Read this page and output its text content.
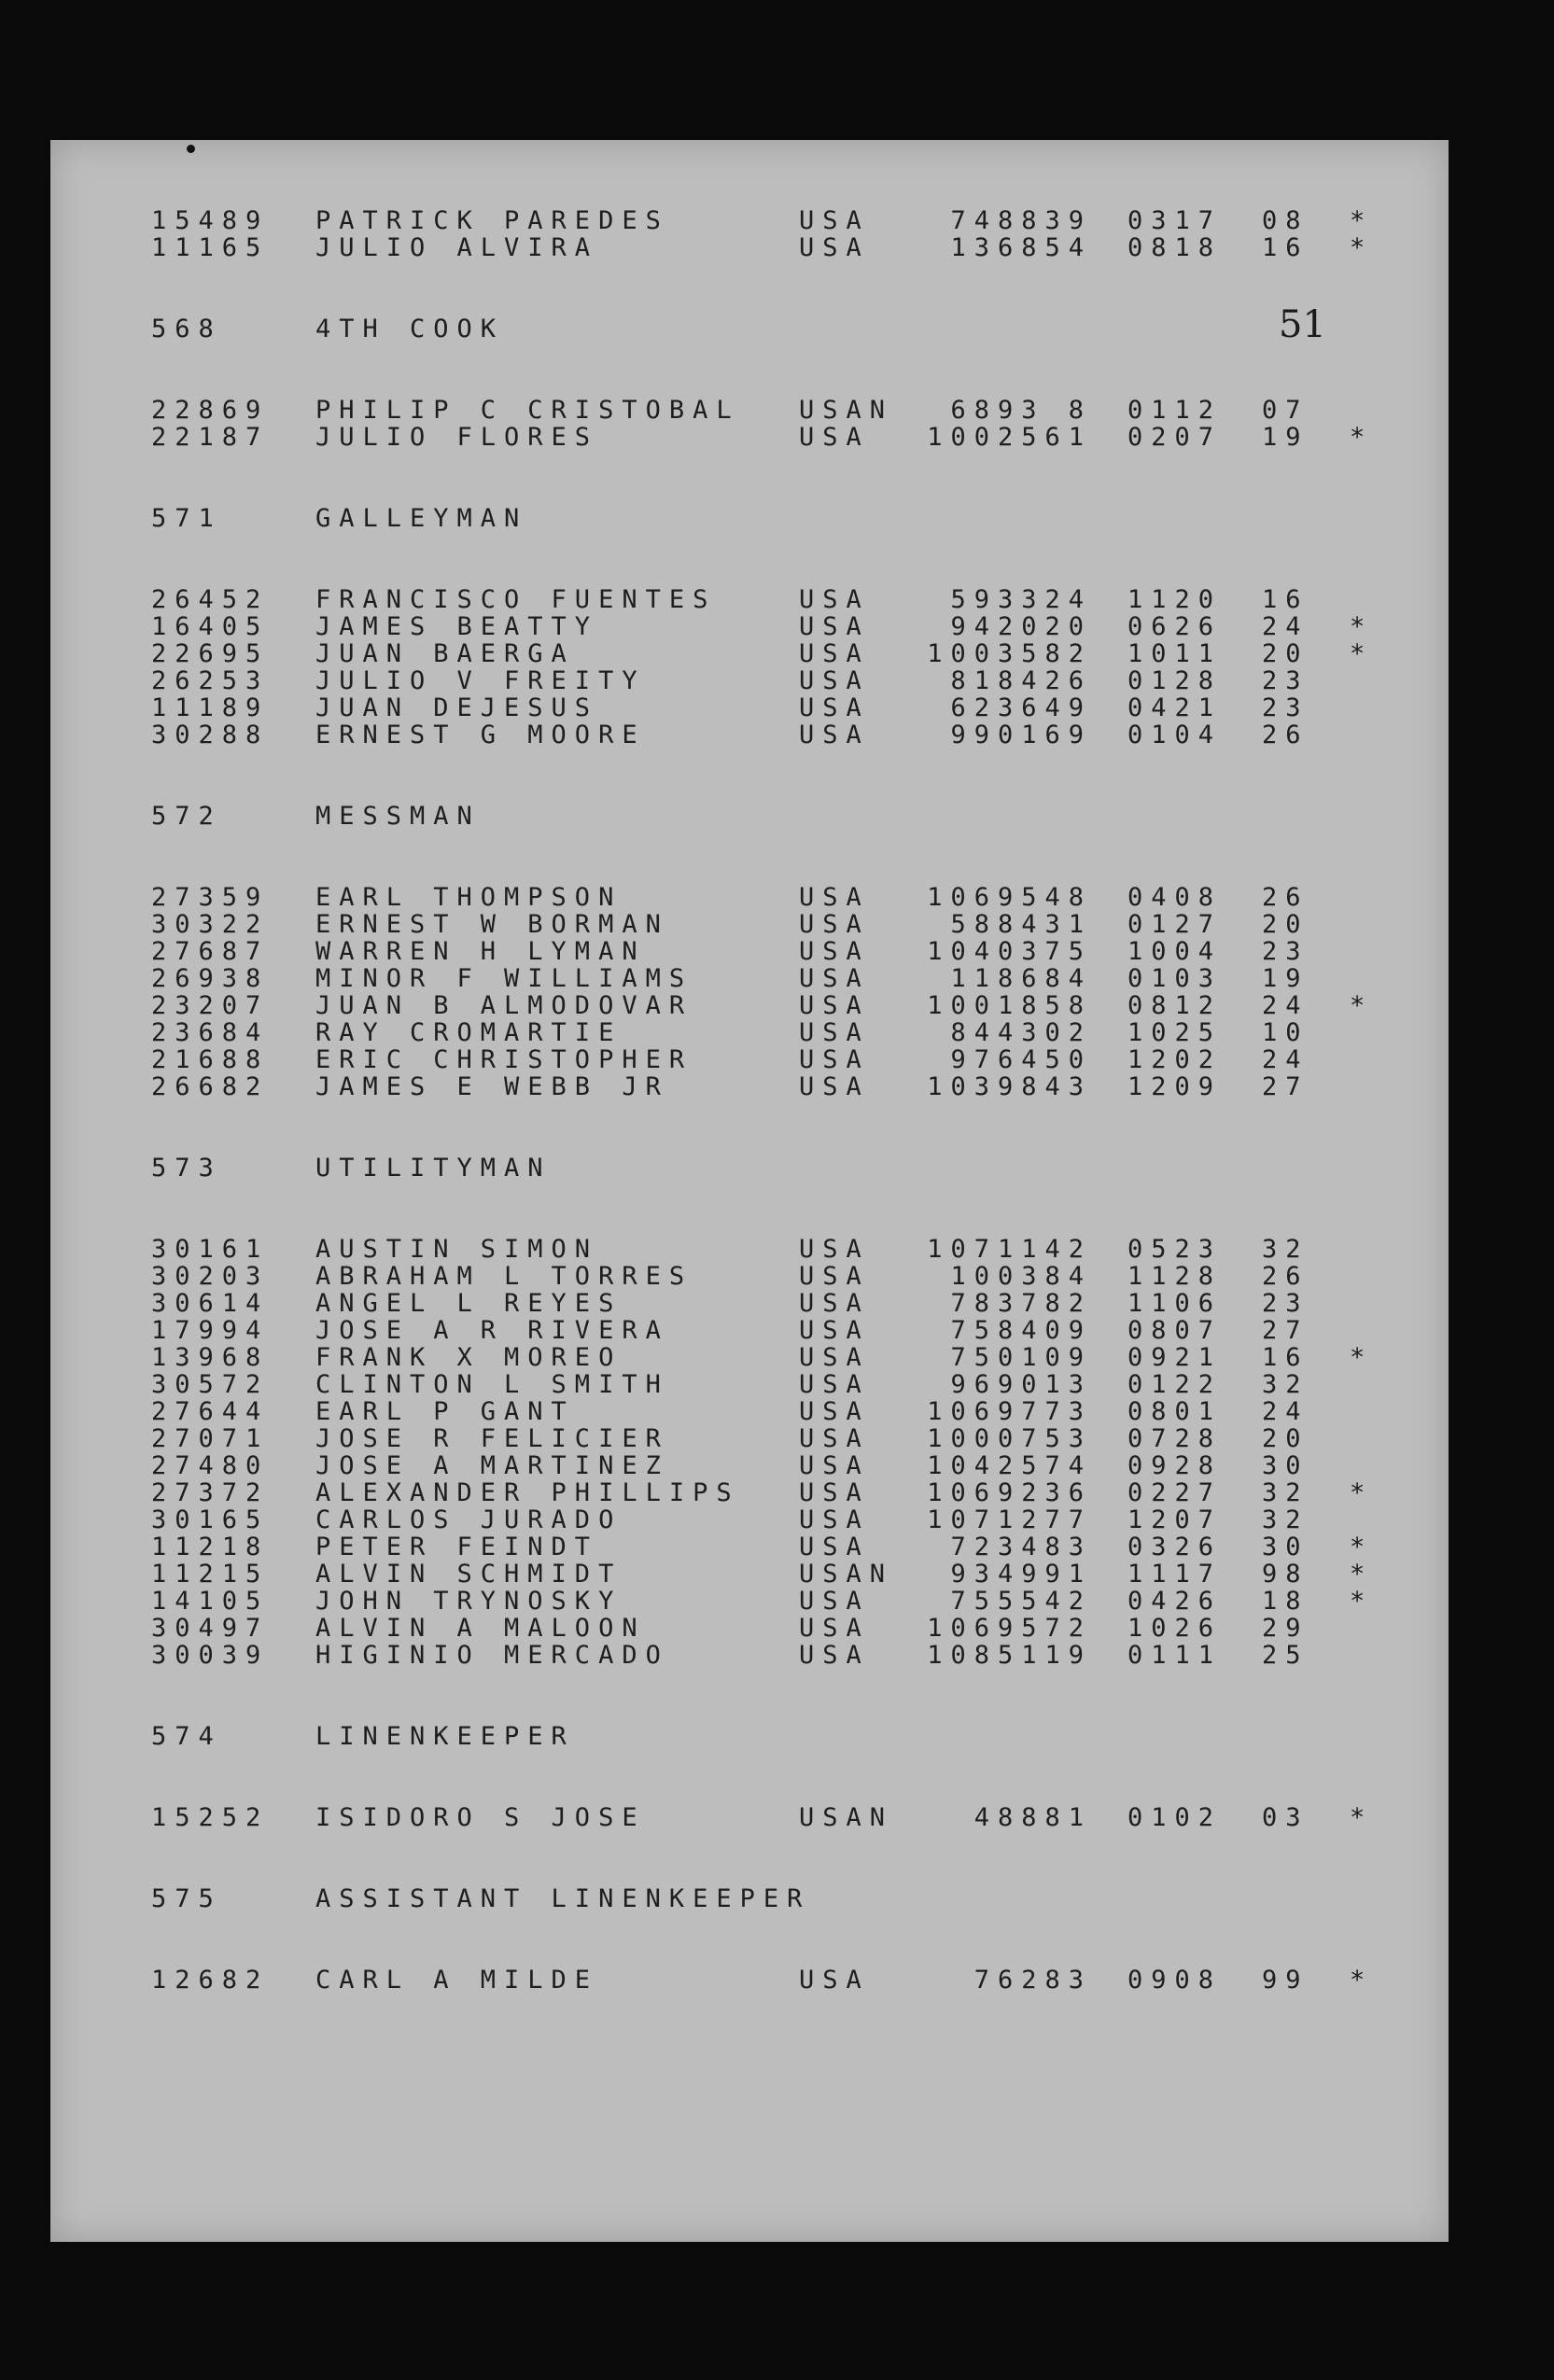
51
15489 PATRICK PAREDES	USA	748839 0317 08 *
11165 JULIO ALVIRA	USA	136854 0818 16 *
568	4TH COOK
22869 PHILIP C CRISTOBAL USAN	6893 8 0112 07
22187 JULIO FLORES	USA	1002561 0207 19 *
571	GALLEYMAN
26452 FRANCISCO FUENTES	USA	593324 1120 16
16405 JAMES BEATTY	USA	942020 0626 24 *
22695 JUAN BAERGA	USA	1003582 1011 20 *
26253 JULIO V FREITY	USA	818426 0128 23
11189 JUAN DEJESUS	USA	623649 0421 23
30288 ERNEST G MOORE	USA	990169 0104 26
572	MESSMAN
27359 EARL THOMPSON	USA	1069548 0408 26
30322 ERNEST W BORMAN	USA	588431 0127 20
27687 WARREN H LYMAN	USA	1040375 1004 23
26938 MINOR F WILLIAMS	USA	118684 0103 19
23207 JUAN B ALMODOVAR	USA	1001858 0812 24 *
23684 RAY CROMARTIE	USA	844302 1025 10
21688 ERIC CHRISTOPHER	USA	976450 1202 24
26682 JAMES E WEBB JR	USA	1039843 1209 27
573	UTILITYMAN
30161 AUSTIN SIMON	USA	1071142 0523 32
30203 ABRAHAM L TORRES	USA	100384 1128 26
30614 ANGEL L REYES	USA	783782 1106 23
17994 JOSE A R RIVERA	USA	758409 0807 27
13968 FRANK X MOREO	USA	750109 0921 16 *
30572 CLINTON L SMITH	USA	969013 0122 32
27644 EARL P GANT	USA	1069773 0801 24
27071 JOSE R FELICIER	USA	1000753 0728 20
27480 JOSE A MARTINEZ	USA	1042574 0928 30
27372 ALEXANDER PHILLIPS USA	1069236 0227 32 *
30165 CARLOS JURADO	USA	1071277 1207 32
11218 PETER FEINDT	USA	723483 0326 30 *
11215 ALVIN SCHMIDT	USAN	934991 1117 98 *
14105 JOHN TRYNOSKY	USA	755542 0426 18 *
30497 ALVIN A MALOON	USA	1069572 1026 29
30039 HIGINIO MERCADO	USA	1085119 0111 25
574	LINENKEEPER
15252 ISIDORO S JOSE	USAN	48881 0102 03 *
575	ASSISTANT LINENKEEPER
12682 CARL A MILDE	USA	76283 0908 99 *
